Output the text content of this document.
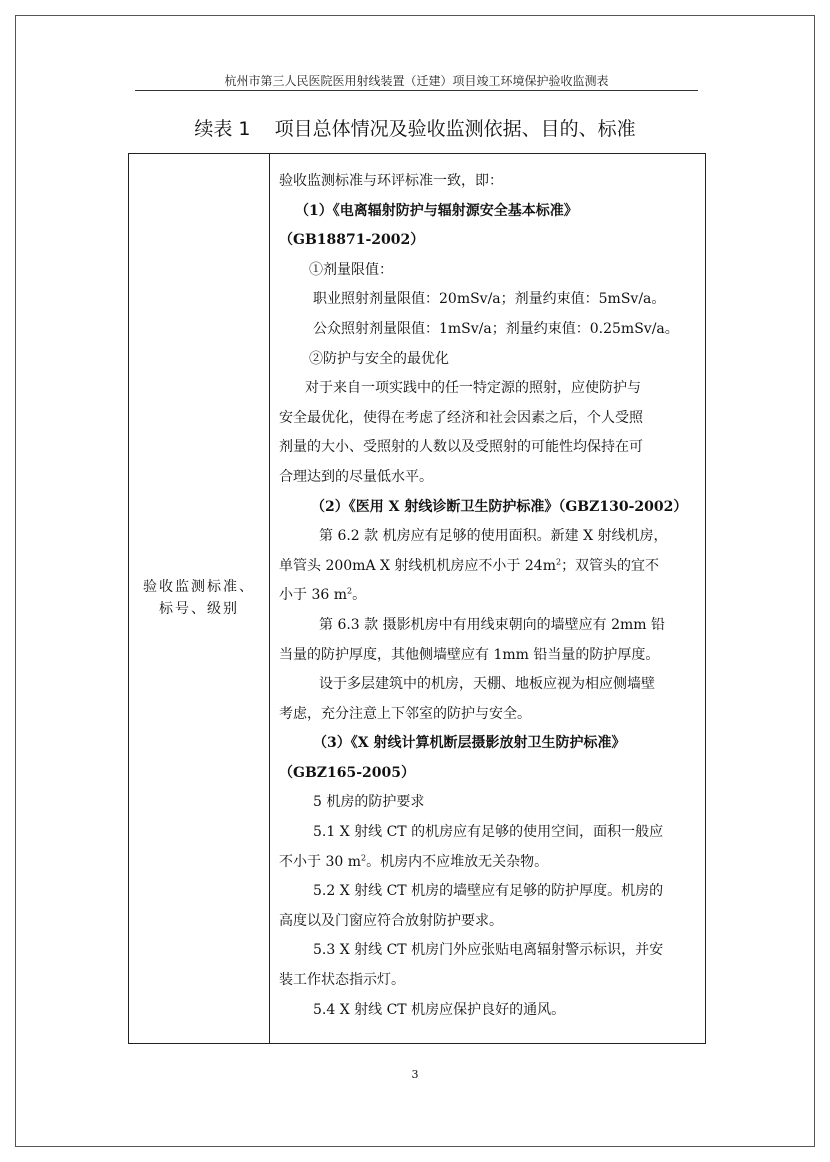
杭州市第三人民医院医用射线装置（迁建）项目竣工环境保护验收监测表
续表 1    项目总体情况及验收监测依据、目的、标准
验收监测标准、
标号、级别
验收监测标准与环评标准一致，即：
（1）《电离辐射防护与辐射源安全基本标准》
（GB18871-2002）
①剂量限值：
职业照射剂量限值：20mSv/a；剂量约束值：5mSv/a。
公众照射剂量限值：1mSv/a；剂量约束值：0.25mSv/a。
②防护与安全的最优化
对于来自一项实践中的任一特定源的照射，应使防护与
安全最优化，使得在考虑了经济和社会因素之后，个人受照
剂量的大小、受照射的人数以及受照射的可能性均保持在可
合理达到的尽量低水平。
（2）《医用 X 射线诊断卫生防护标准》（GBZ130-2002）
第 6.2 款 机房应有足够的使用面积。新建 X 射线机房，
单管头 200mA X 射线机机房应不小于 $24m^2$；双管头的宜不
小于 36 $m^2$。
第 6.3 款 摄影机房中有用线束朝向的墙壁应有 2mm 铅
当量的防护厚度，其他侧墙壁应有 1mm 铅当量的防护厚度。
设于多层建筑中的机房，天棚、地板应视为相应侧墙壁
考虑，充分注意上下邻室的防护与安全。
（3）《X 射线计算机断层摄影放射卫生防护标准》
（GBZ165-2005）
5 机房的防护要求
5.1 X 射线 CT 的机房应有足够的使用空间，面积一般应
不小于 30 $m^2$。机房内不应堆放无关杂物。
5.2 X 射线 CT 机房的墙壁应有足够的防护厚度。机房的
高度以及门窗应符合放射防护要求。
5.3 X 射线 CT 机房门外应张贴电离辐射警示标识，并安
装工作状态指示灯。
5.4 X 射线 CT 机房应保护良好的通风。
3
